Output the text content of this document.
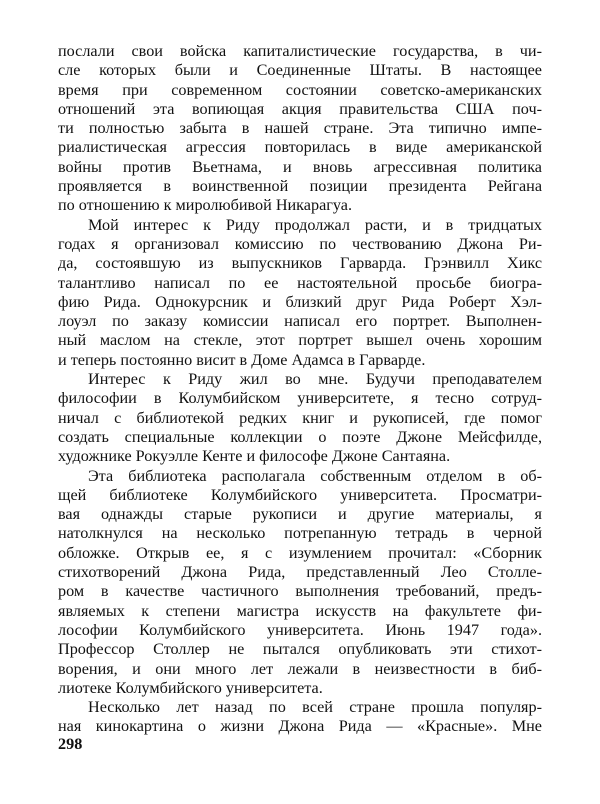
послали свои войска капиталистические государства, в чи-
сле которых были и Соединенные Штаты. В настоящее
время при современном состоянии советско-американских
отношений эта вопиющая акция правительства США поч-
ти полностью забыта в нашей стране. Эта типично импе-
риалистическая агрессия повторилась в виде американской
войны против Вьетнама, и вновь агрессивная политика
проявляется в воинственной позиции президента Рейгана
по отношению к миролюбивой Никарагуа.
Мой интерес к Риду продолжал расти, и в тридцатых
годах я организовал комиссию по чествованию Джона Ри-
да, состоявшую из выпускников Гарварда. Грэнвилл Хикс
талантливо написал по ее настоятельной просьбе биогра-
фию Рида. Однокурсник и близкий друг Рида Роберт Хэл-
лоуэл по заказу комиссии написал его портрет. Выполнен-
ный маслом на стекле, этот портрет вышел очень хорошим
и теперь постоянно висит в Доме Адамса в Гарварде.
Интерес к Риду жил во мне. Будучи преподавателем
философии в Колумбийском университете, я тесно сотруд-
ничал с библиотекой редких книг и рукописей, где помог
создать специальные коллекции о поэте Джоне Мейсфилде,
художнике Рокуэлле Кенте и философе Джоне Сантаяна.
Эта библиотека располагала собственным отделом в об-
щей библиотеке Колумбийского университета. Просматри-
вая однажды старые рукописи и другие материалы, я
натолкнулся на несколько потрепанную тетрадь в черной
обложке. Открыв ее, я с изумлением прочитал: «Сборник
стихотворений Джона Рида, представленный Лео Столле-
ром в качестве частичного выполнения требований, предъ-
являемых к степени магистра искусств на факультете фи-
лософии Колумбийского университета. Июнь 1947 года».
Профессор Столлер не пытался опубликовать эти стихот-
ворения, и они много лет лежали в неизвестности в биб-
лиотеке Колумбийского университета.
Несколько лет назад по всей стране прошла популяр-
ная кинокартина о жизни Джона Рида — «Красные». Мне
298
